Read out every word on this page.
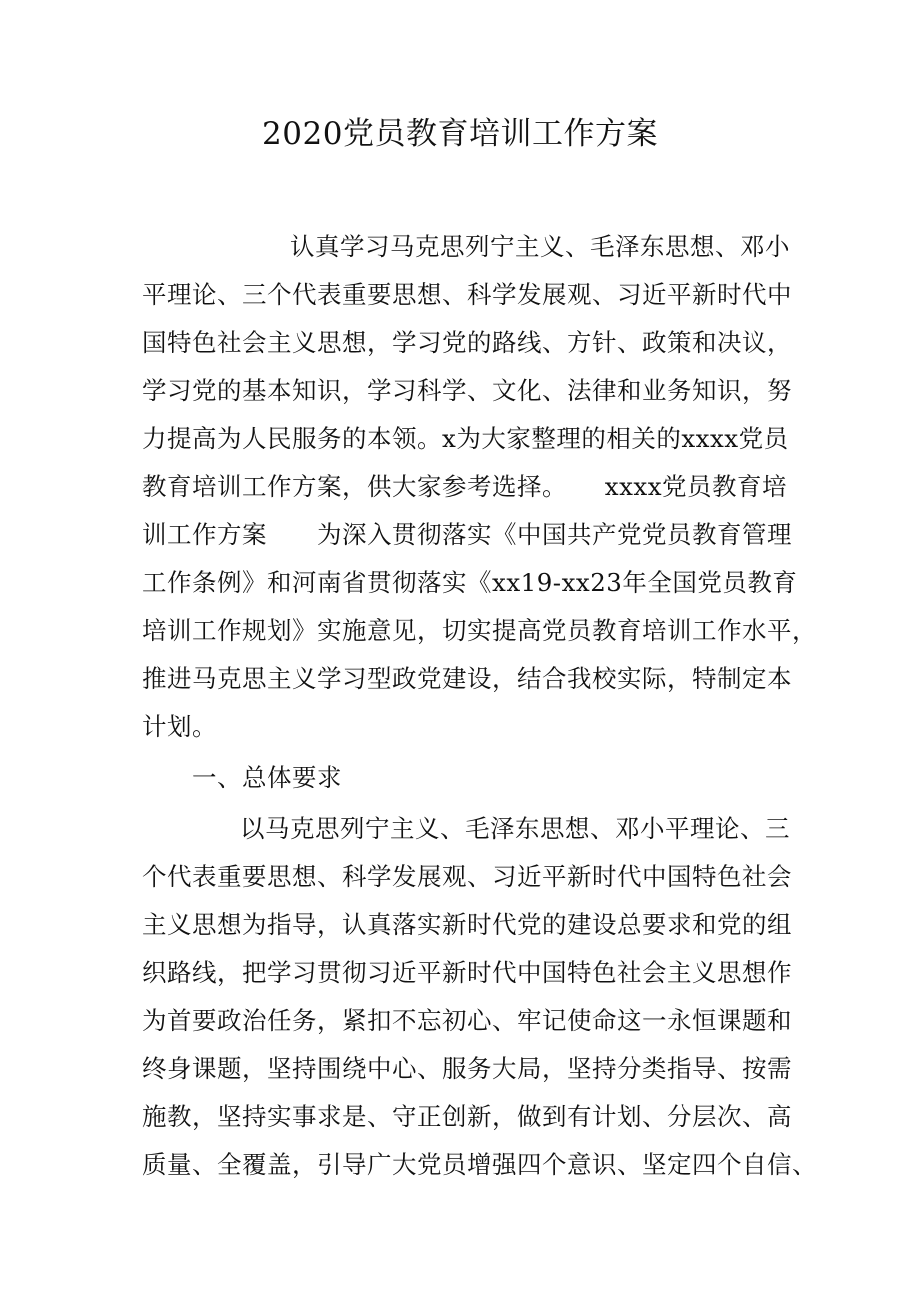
2020党员教育培训工作方案
认真学习马克思列宁主义、毛泽东思想、邓小
平理论、三个代表重要思想、科学发展观、习近平新时代中
国特色社会主义思想，学习党的路线、方针、政策和决议，
学习党的基本知识，学习科学、文化、法律和业务知识，努
力提高为人民服务的本领。x为大家整理的相关的xxxx党员
教育培训工作方案，供大家参考选择。　　xxxx党员教育培
训工作方案　　为深入贯彻落实《中国共产党党员教育管理
工作条例》和河南省贯彻落实《xx19-xx23年全国党员教育
培训工作规划》实施意见，切实提高党员教育培训工作水平，
推进马克思主义学习型政党建设，结合我校实际，特制定本
计划。
一、总体要求
以马克思列宁主义、毛泽东思想、邓小平理论、三
个代表重要思想、科学发展观、习近平新时代中国特色社会
主义思想为指导，认真落实新时代党的建设总要求和党的组
织路线，把学习贯彻习近平新时代中国特色社会主义思想作
为首要政治任务，紧扣不忘初心、牢记使命这一永恒课题和
终身课题，坚持围绕中心、服务大局，坚持分类指导、按需
施教，坚持实事求是、守正创新，做到有计划、分层次、高
质量、全覆盖，引导广大党员增强四个意识、坚定四个自信、
